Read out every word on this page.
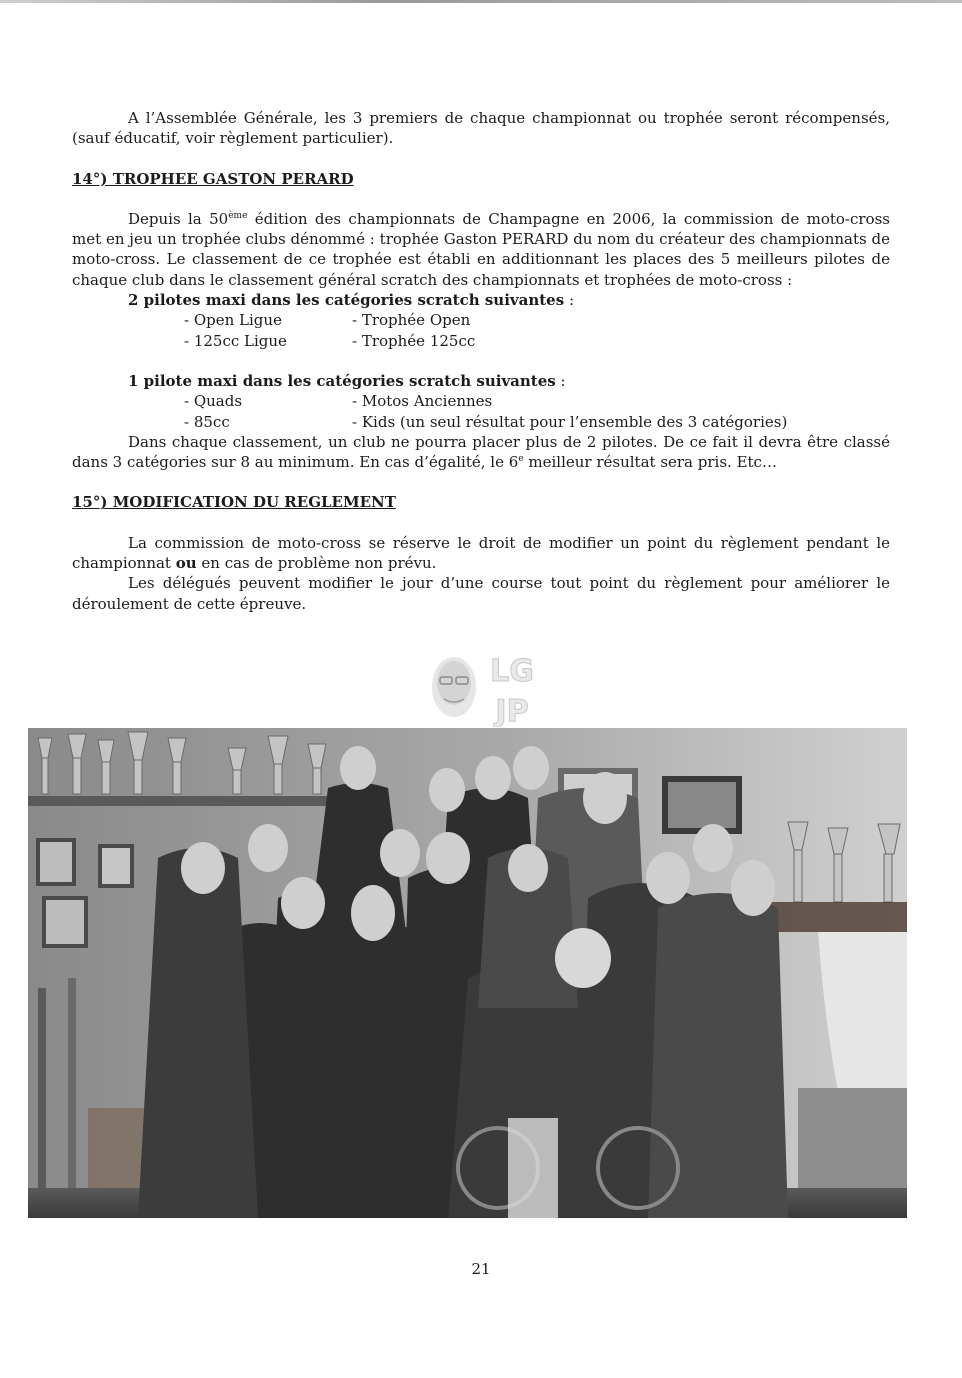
A l’Assemblée Générale, les 3 premiers de chaque championnat ou trophée seront récompensés, (sauf éducatif, voir règlement particulier).

14°) TROPHEE GASTON PERARD

Depuis la 50ème édition des championnats de Champagne en 2006, la commission de moto-cross met en jeu un trophée clubs dénommé : trophée Gaston PERARD du nom du créateur des championnats de moto-cross. Le classement de ce trophée est établi en additionnant les places des 5 meilleurs pilotes de chaque club dans le classement général scratch des championnats et trophées de moto-cross :

2 pilotes maxi dans les catégories scratch suivantes :

- Open Ligue	- Trophée Open
- 125cc Ligue	- Trophée 125cc

1 pilote maxi dans les catégories scratch suivantes :

- Quads	- Motos Anciennes
- 85cc	- Kids (un seul résultat pour l’ensemble des 3 catégories)

Dans chaque classement, un club ne pourra placer plus de 2 pilotes. De ce fait il devra être classé dans 3 catégories sur 8 au minimum. En cas d’égalité, le 6e meilleur résultat sera pris. Etc…

15°) MODIFICATION DU REGLEMENT

La commission de moto-cross se réserve le droit de modifier un point du règlement pendant le championnat ou en cas de problème non prévu.

Les délégués peuvent modifier le jour d’une course tout point du règlement pour améliorer le déroulement de cette épreuve.

LG
JP
21
